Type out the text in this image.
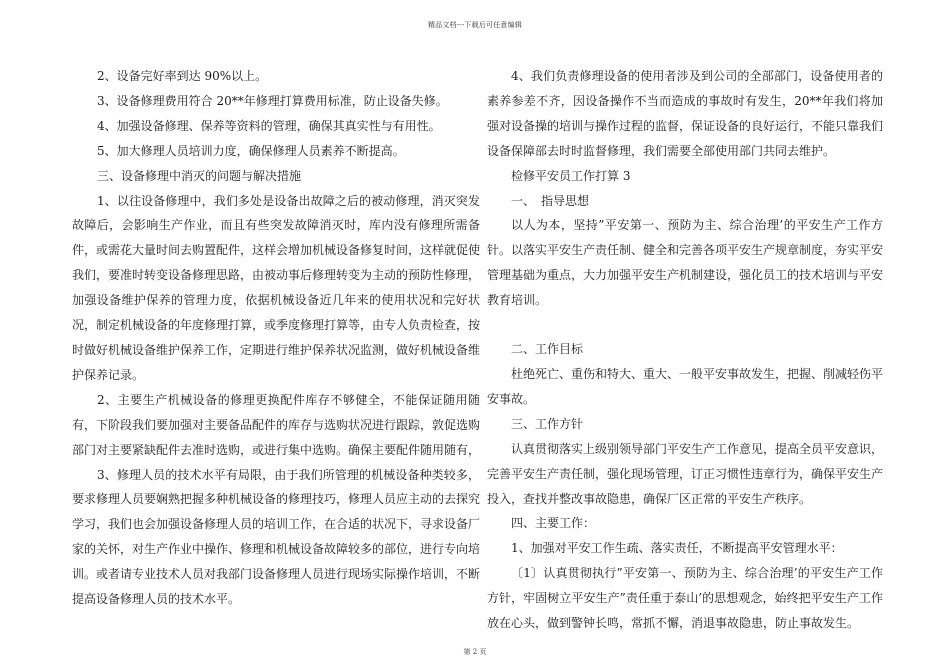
精品文档---下载后可任意编辑

2、设备完好率到达 90%以上。

3、设备修理费用符合 20**年修理打算费用标准，防止设备失修。

4、加强设备修理、保养等资料的管理，确保其真实性与有用性。

5、加大修理人员培训力度，确保修理人员素养不断提高。

三、设备修理中消灭的问题与解决措施

1、以往设备修理中，我们多处是设备出故障之后的被动修理，消灭突发故障后，会影响生产作业，而且有些突发故障消灭时，库内没有修理所需备件，或需花大量时间去购置配件，这样会增加机械设备修复时间，这样就促使我们，要准时转变设备修理思路，由被动事后修理转变为主动的预防性修理，加强设备维护保养的管理力度，依据机械设备近几年来的使用状况和完好状况，制定机械设备的年度修理打算，或季度修理打算等，由专人负责检查，按时做好机械设备维护保养工作，定期进行维护保养状况监测，做好机械设备维护保养记录。

2、主要生产机械设备的修理更换配件库存不够健全，不能保证随用随有，下阶段我们要加强对主要备品配件的库存与选购状况进行跟踪，敦促选购部门对主要紧缺配件去准时选购，或进行集中选购。确保主要配件随用随有，

3、修理人员的技术水平有局限，由于我们所管理的机械设备种类较多，要求修理人员要娴熟把握多种机械设备的修理技巧，修理人员应主动的去探究学习，我们也会加强设备修理人员的培训工作，在合适的状况下，寻求设备厂家的关怀，对生产作业中操作、修理和机械设备故障较多的部位，进行专向培训。或者请专业技术人员对我部门设备修理人员进行现场实际操作培训，不断提高设备修理人员的技术水平。

4、我们负责修理设备的使用者涉及到公司的全部部门，设备使用者的素养参差不齐，因设备操作不当而造成的事故时有发生，20**年我们将加强对设备操的培训与操作过程的监督，保证设备的良好运行，不能只靠我们设备保障部去时时监督修理，我们需要全部使用部门共同去维护。

检修平安员工作打算 3

一、　指导思想

以人为本，坚持”平安第一、预防为主、综合治理’的平安生产工作方针。以落实平安生产责任制、健全和完善各项平安生产规章制度，夯实平安管理基础为重点，大力加强平安生产机制建设，强化员工的技术培训与平安教育培训。

二、工作目标

杜绝死亡、重伤和特大、重大、一般平安事故发生，把握、削减轻伤平安事故。

三、工作方针

认真贯彻落实上级别领导部门平安生产工作意见，提高全员平安意识，完善平安生产责任制，强化现场管理，订正习惯性违章行为，确保平安生产投入，查找并整改事故隐患，确保厂区正常的平安生产秩序。

四、主要工作：

1、加强对平安工作生疏、落实责任，不断提高平安管理水平：

〔1〕认真贯彻执行”平安第一、预防为主、综合治理’的平安生产工作方针，牢固树立平安生产”责任重于泰山’的思想观念，始终把平安生产工作放在心头，做到警钟长鸣，常抓不懈，消退事故隐患，防止事故发生。

第 2 页
